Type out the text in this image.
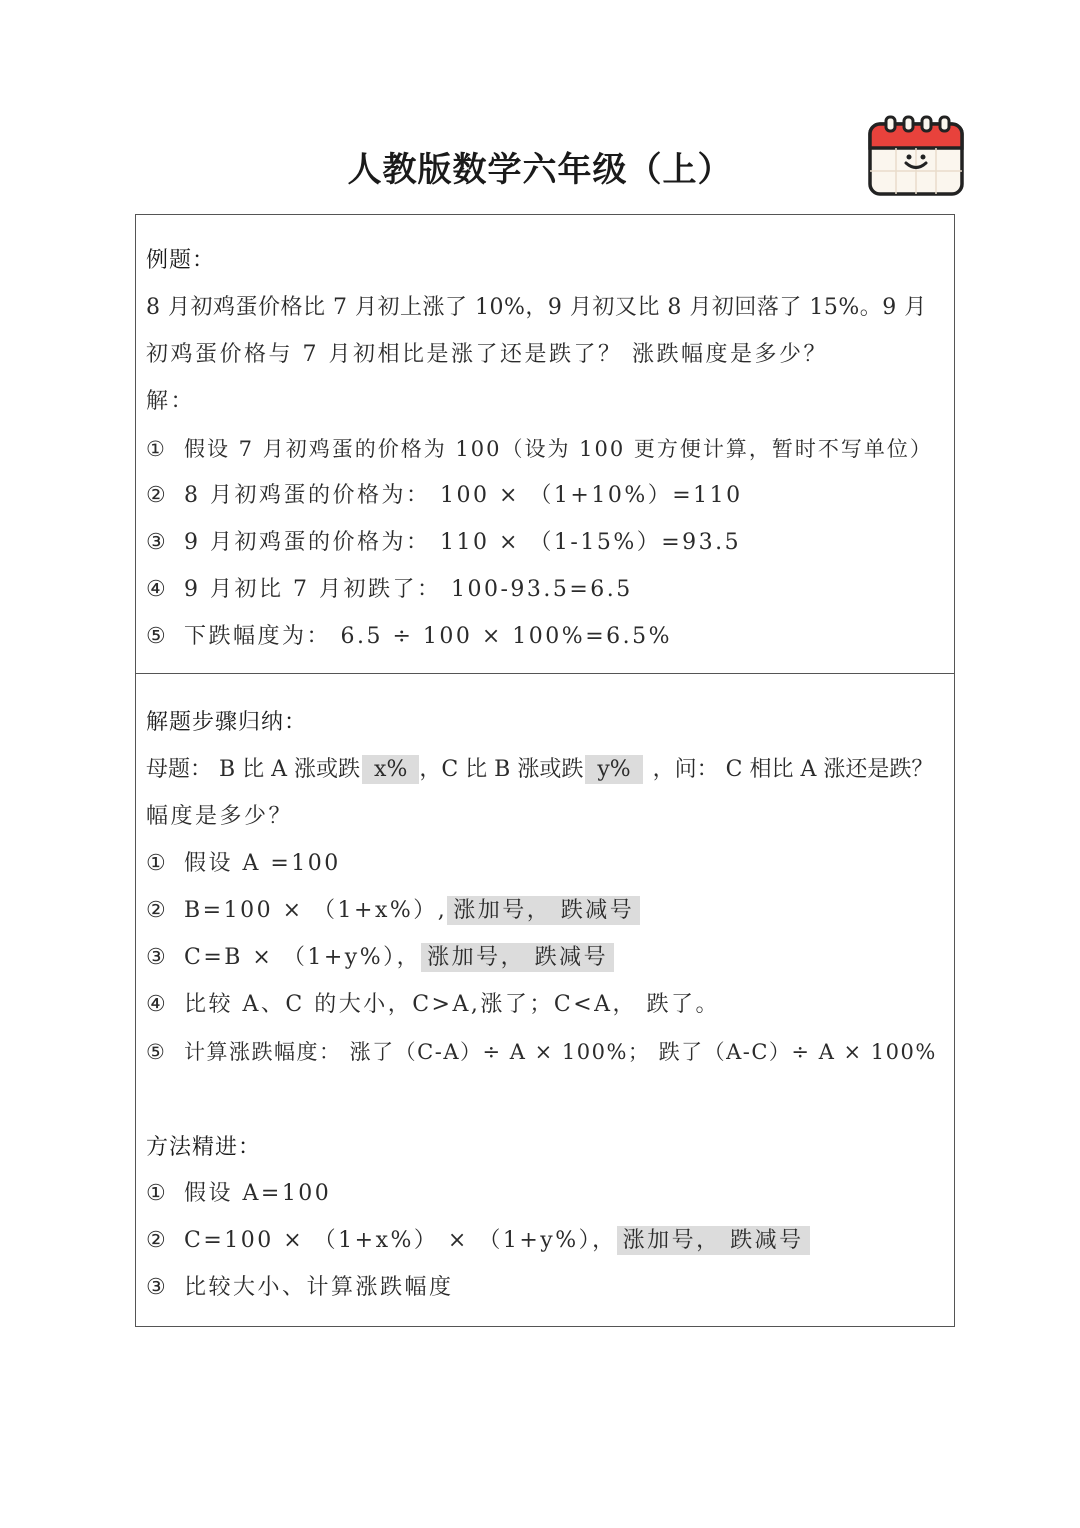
人教版数学六年级（上）
例题：
8 月初鸡蛋价格比 7 月初上涨了 10%，9 月初又比 8 月初回落了 15%。9 月
初鸡蛋价格与 7 月初相比是涨了还是跌了？ 涨跌幅度是多少？
解：
① 假设 7 月初鸡蛋的价格为 100（设为 100 更方便计算，暂时不写单位）
② 8 月初鸡蛋的价格为： 100 × （1+10%）=110
③ 9 月初鸡蛋的价格为： 110 × （1-15%）=93.5
④ 9 月初比 7 月初跌了： 100-93.5=6.5
⑤ 下跌幅度为： 6.5 ÷ 100 × 100%=6.5%
解题步骤归纳：
母题： B 比 A 涨或跌 x% ，C 比 B 涨或跌 y% ，问： C 相比 A 涨还是跌？
幅度是多少？
① 假设 A =100
② B=100 × （1+x%）, 涨加号， 跌减号
③ C=B × （1+y%）， 涨加号， 跌减号
④ 比较 A、C 的大小，C>A,涨了；C<A， 跌了。
⑤ 计算涨跌幅度： 涨了（C-A）÷ A × 100%； 跌了（A-C）÷ A × 100%
方法精进：
① 假设 A=100
② C=100 × （1+x%） × （1+y%）， 涨加号， 跌减号
③ 比较大小、计算涨跌幅度
